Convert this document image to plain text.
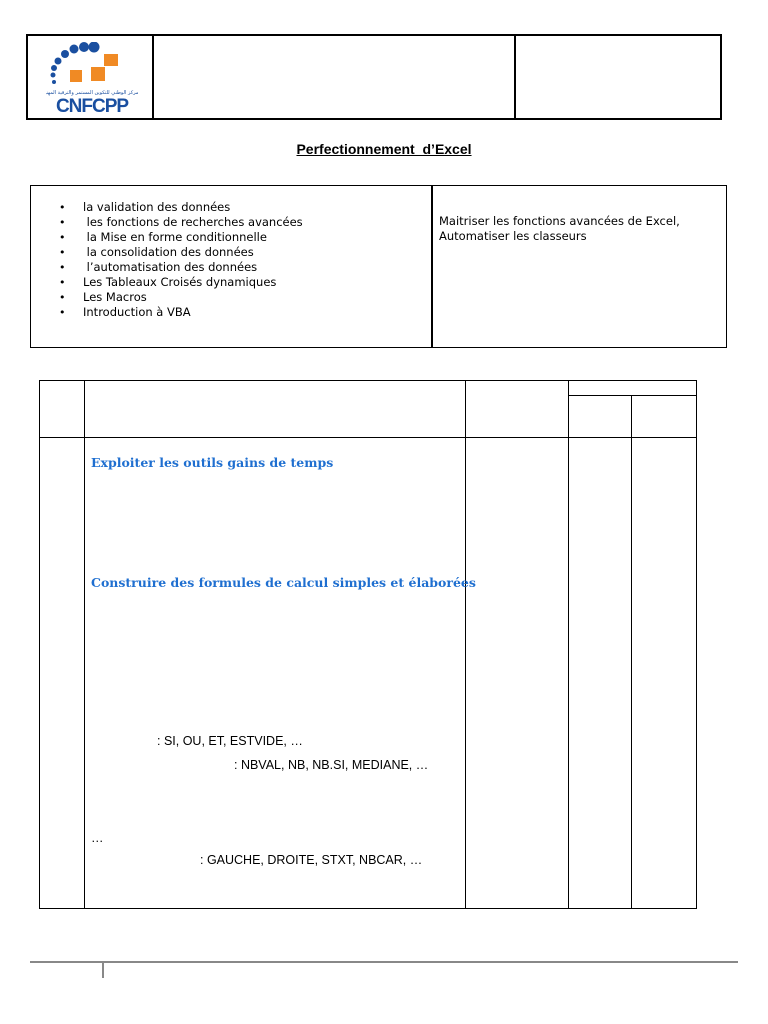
المركز الوطني للتكوين المستمر والترقية المهنية
CNFCPP
Perfectionnement  d’Excel
• la validation des données
•  les fonctions de recherches avancées
•  la Mise en forme conditionnelle
•  la consolidation des données
•  l’automatisation des données
• Les Tableaux Croisés dynamiques
• Les Macros
• Introduction à VBA
Maitriser les fonctions avancées de Excel,
Automatiser les classeurs
Exploiter les outils gains de temps
Construire des formules de calcul simples et élaborées
: SI, OU, ET, ESTVIDE, …
: NBVAL, NB, NB.SI, MEDIANE, …
…
: GAUCHE, DROITE, STXT, NBCAR, …
